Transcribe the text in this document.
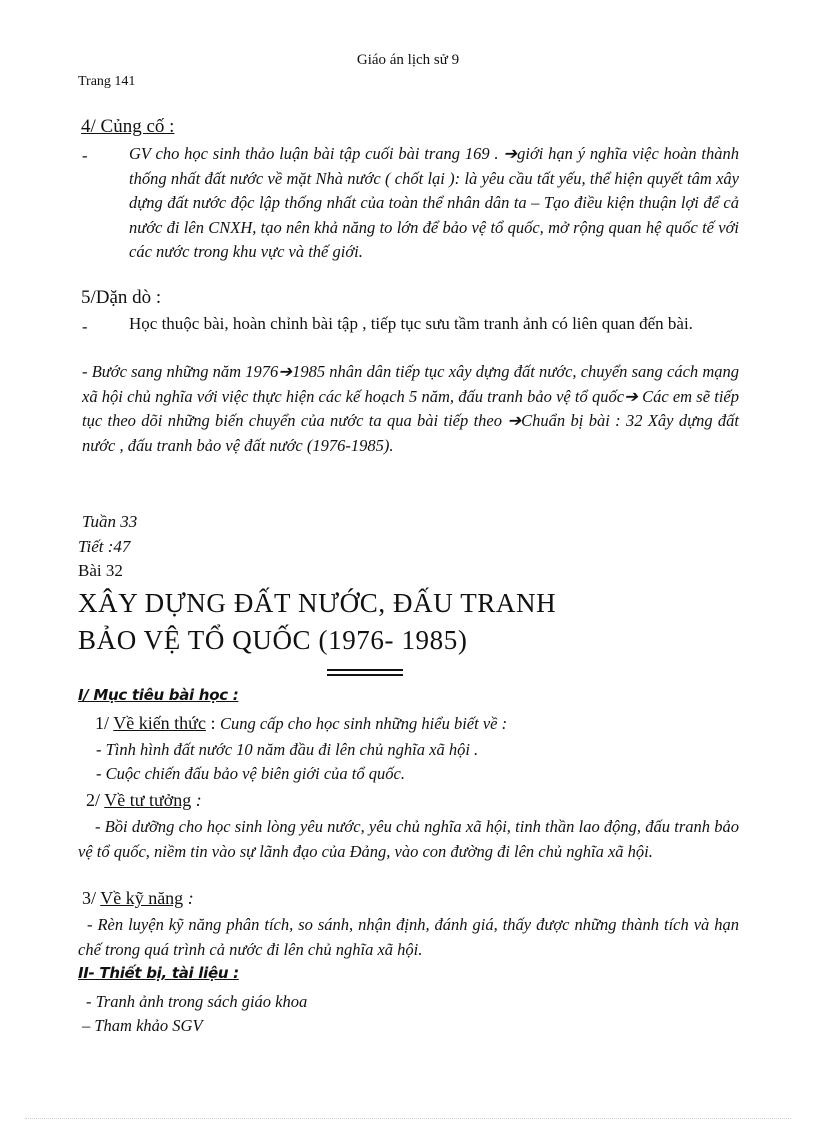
Giáo án lịch sử 9
Trang 141
4/ Củng cố :
-	GV cho học sinh thảo luận bài tập cuối bài trang 169 . ➔giới hạn ý nghĩa việc hoàn thành thống nhất đất nước về mặt Nhà nước ( chốt lại ): là yêu cầu tất yếu, thể hiện quyết tâm xây dựng đất nước độc lập thống nhất của toàn thể nhân dân ta – Tạo điều kiện thuận lợi để cả nước đi lên CNXH, tạo nên khả năng to lớn để bảo vệ tổ quốc, mở rộng quan hệ quốc tế với các nước trong khu vực và thế giới.
5/Dặn dò :
- Học thuộc bài, hoàn chỉnh bài tập , tiếp tục sưu tầm tranh ảnh có liên quan đến bài.
- Bước sang những năm 1976➔1985 nhân dân tiếp tục xây dựng đất nước, chuyển sang cách mạng xã hội chủ nghĩa với việc thực hiện các kế hoạch 5 năm, đấu tranh bảo vệ tổ quốc➔ Các em sẽ tiếp tục theo dõi những biến chuyển của nước ta qua bài tiếp theo ➔Chuẩn bị bài : 32 Xây dựng đất nước , đấu tranh bảo vệ đất nước (1976-1985).
Tuần 33
Tiết :47
Bài 32
XÂY DỰNG ĐẤT NƯỚC, ĐẤU TRANH
BẢO VỆ TỔ QUỐC (1976- 1985)
I/ Mục tiêu bài học :
1/ Về kiến thức : Cung cấp cho học sinh những hiểu biết về :
- Tình hình đất nước 10 năm đầu đi lên chủ nghĩa xã hội .
- Cuộc chiến đấu bảo vệ biên giới của tổ quốc.
2/ Về tư tưởng :
- Bồi dưỡng cho học sinh lòng yêu nước, yêu chủ nghĩa xã hội, tinh thần lao động, đấu tranh bảo vệ tổ quốc, niềm tin vào sự lãnh đạo của Đảng, vào con đường đi lên chủ nghĩa xã hội.
3/ Về kỹ năng :
- Rèn luyện kỹ năng phân tích, so sánh, nhận định, đánh giá, thấy được những thành tích và hạn chế trong quá trình cả nước đi lên chủ nghĩa xã hội.
II- Thiết bị, tài liệu :
- Tranh ảnh trong sách giáo khoa
– Tham khảo SGV
